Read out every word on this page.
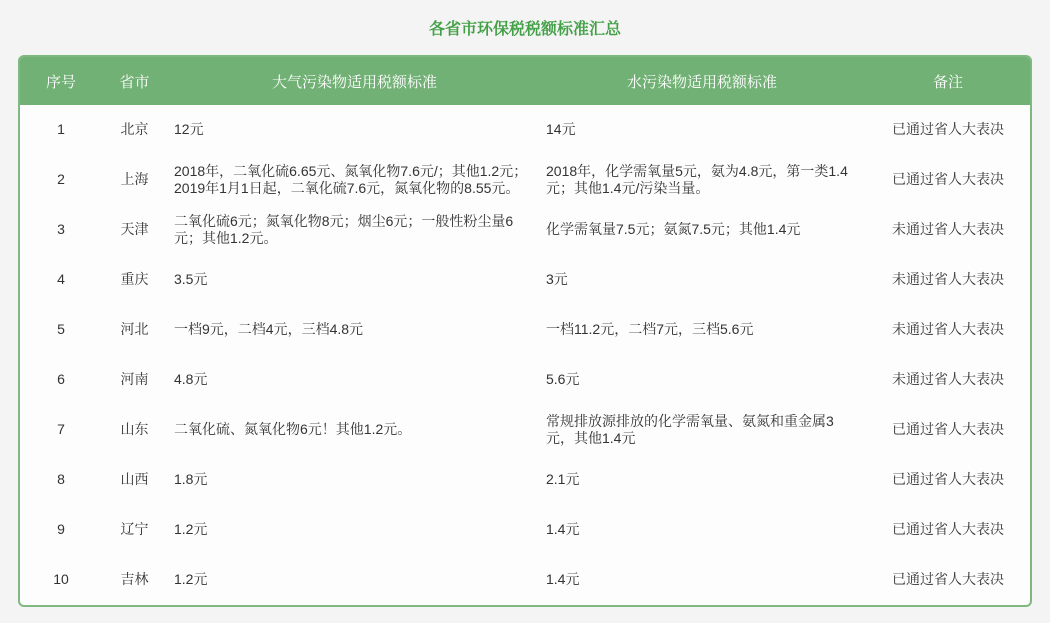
各省市环保税税额标准汇总
序号	省市	大气污染物适用税额标准	水污染物适用税额标准	备注
1	北京	12元	14元	已通过省人大表决
2	上海	2018年，二氧化硫6.65元、氮氧化物7.6元/；其他1.2元；2019年1月1日起，二氧化硫7.6元，氮氧化物的8.55元。	2018年，化学需氧量5元，氨为4.8元，第一类1.4元；其他1.4元/污染当量。	已通过省人大表决
3	天津	二氧化硫6元；氮氧化物8元；烟尘6元；一般性粉尘量6元；其他1.2元。	化学需氧量7.5元；氨氮7.5元；其他1.4元	未通过省人大表决
4	重庆	3.5元	3元	未通过省人大表决
5	河北	一档9元，二档4元，三档4.8元	一档11.2元，二档7元，三档5.6元	未通过省人大表决
6	河南	4.8元	5.6元	未通过省人大表决
7	山东	二氧化硫、氮氧化物6元！其他1.2元。	常规排放源排放的化学需氧量、氨氮和重金属3元，其他1.4元	已通过省人大表决
8	山西	1.8元	2.1元	已通过省人大表决
9	辽宁	1.2元	1.4元	已通过省人大表决
10	吉林	1.2元	1.4元	已通过省人大表决
